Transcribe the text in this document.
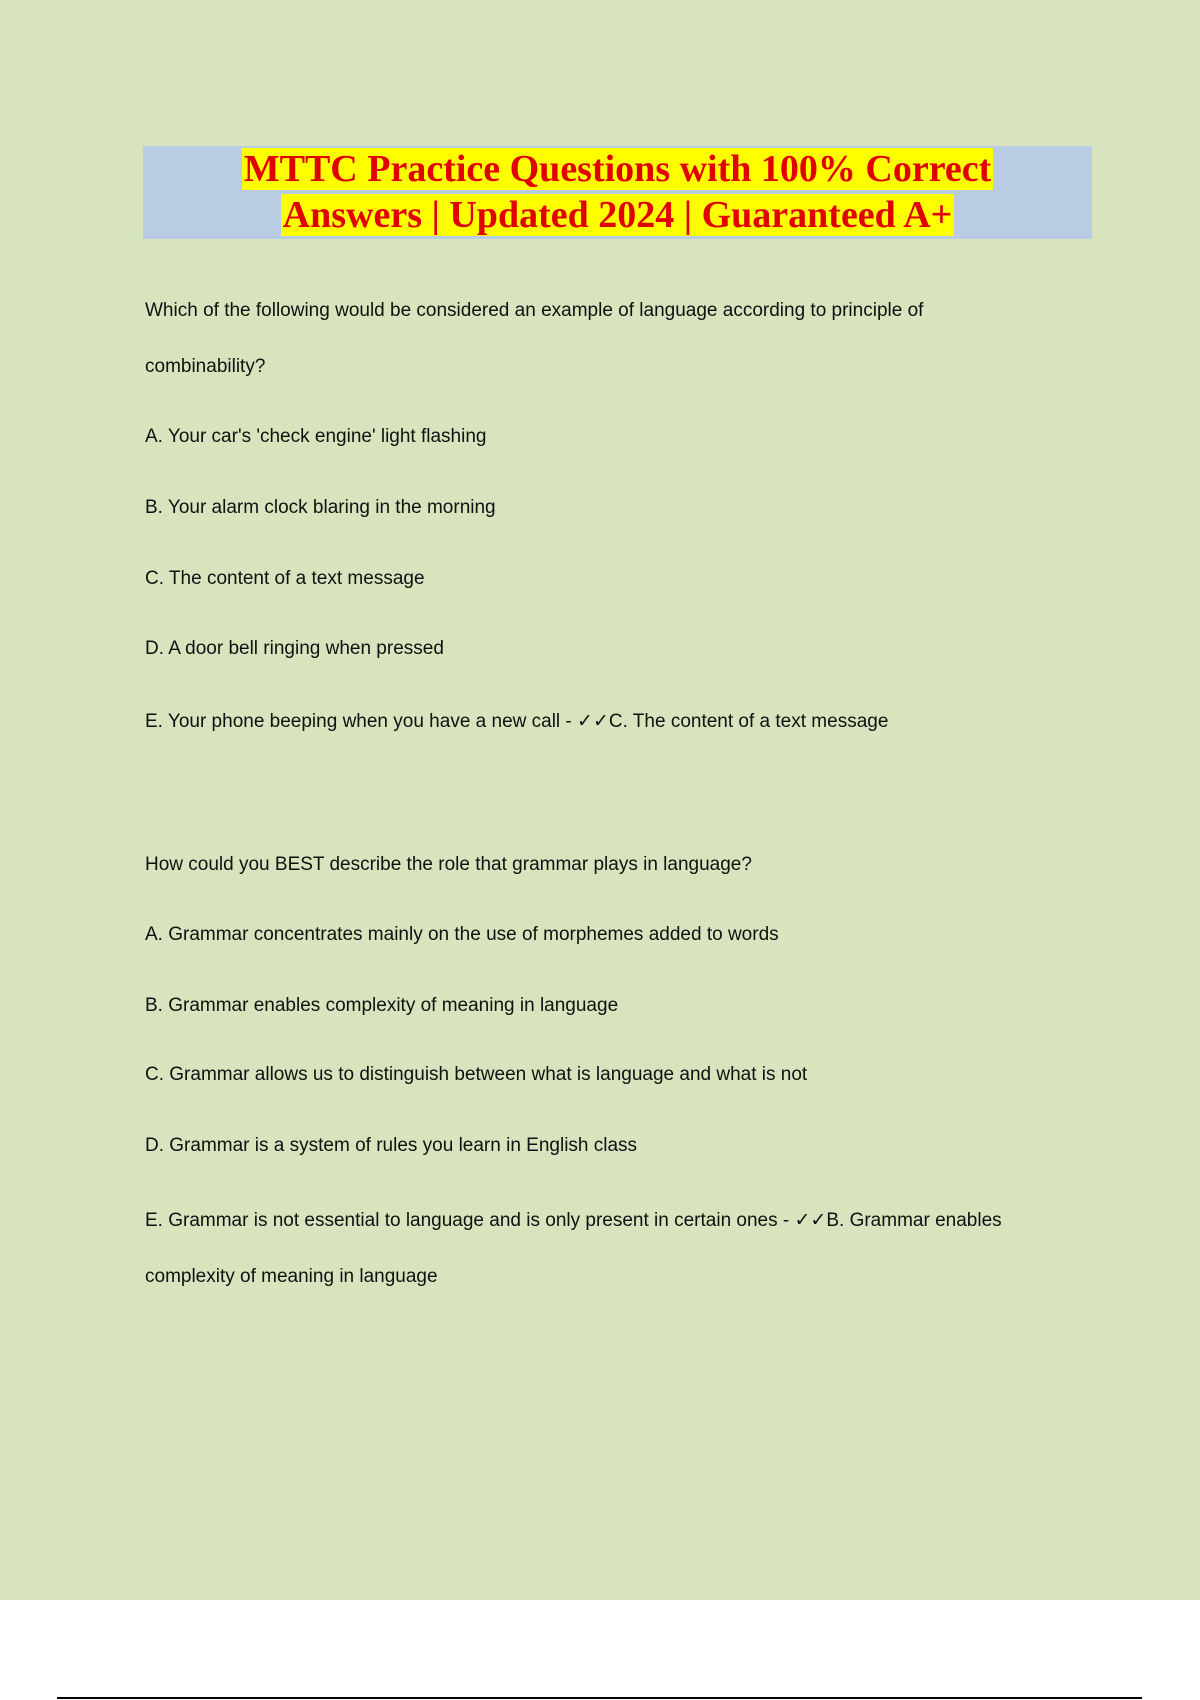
MTTC Practice Questions with 100% Correct
Answers | Updated 2024 | Guaranteed A+
Which of the following would be considered an example of language according to principle of
combinability?
A. Your car's 'check engine' light flashing
B. Your alarm clock blaring in the morning
C. The content of a text message
D. A door bell ringing when pressed
E. Your phone beeping when you have a new call - ✓✓C. The content of a text message
How could you BEST describe the role that grammar plays in language?
A. Grammar concentrates mainly on the use of morphemes added to words
B. Grammar enables complexity of meaning in language
C. Grammar allows us to distinguish between what is language and what is not
D. Grammar is a system of rules you learn in English class
E. Grammar is not essential to language and is only present in certain ones - ✓✓B. Grammar enables
complexity of meaning in language
